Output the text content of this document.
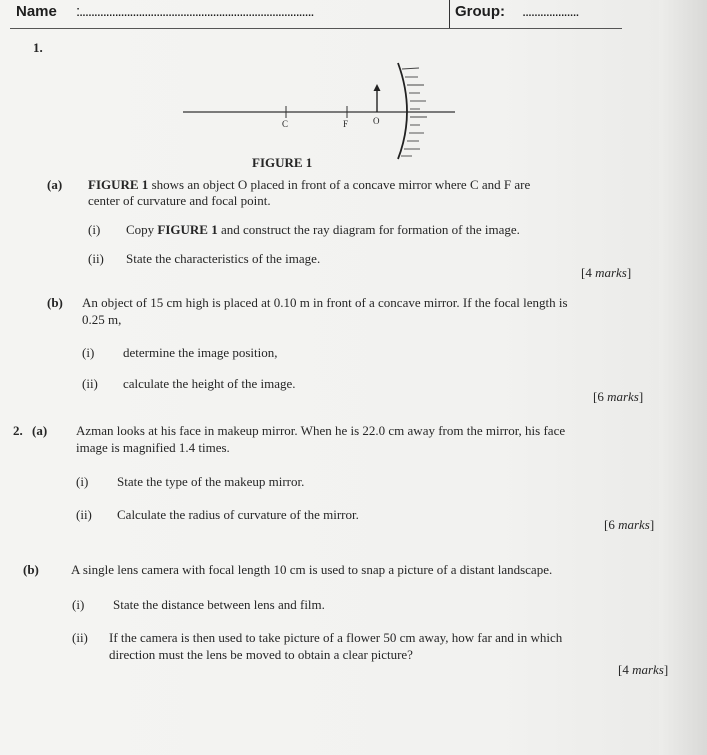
Name :...............................................................................	Group: ...................
1.
C	F	O
FIGURE 1
(a) FIGURE 1 shows an object O placed in front of a concave mirror where C and F are
center of curvature and focal point.
(i) Copy FIGURE 1 and construct the ray diagram for formation of the image.
(ii) State the characteristics of the image.
[4 marks]
(b) An object of 15 cm high is placed at 0.10 m in front of a concave mirror. If the focal length is
0.25 m,
(i) determine the image position,
(ii) calculate the height of the image.
[6 marks]
2. (a) Azman looks at his face in makeup mirror. When he is 22.0 cm away from the mirror, his face
image is magnified 1.4 times.
(i) State the type of the makeup mirror.
(ii) Calculate the radius of curvature of the mirror.
[6 marks]
(b) A single lens camera with focal length 10 cm is used to snap a picture of a distant landscape.
(i) State the distance between lens and film.
(ii) If the camera is then used to take picture of a flower 50 cm away, how far and in which
direction must the lens be moved to obtain a clear picture?
[4 marks]
